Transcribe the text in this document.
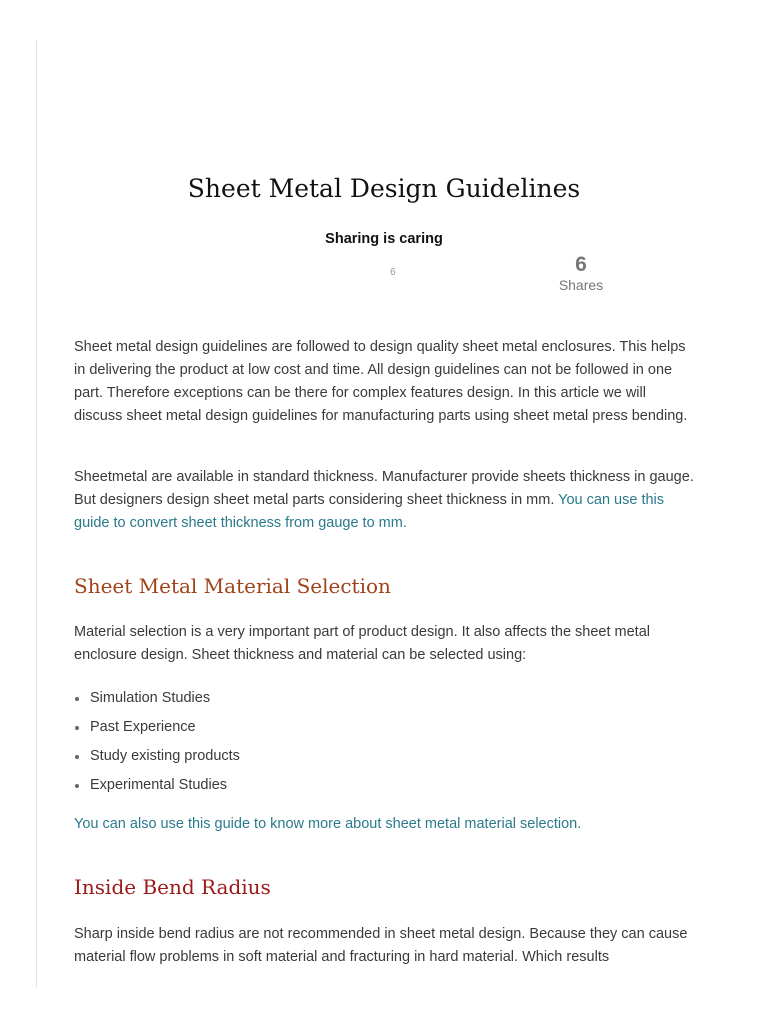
Sheet Metal Design Guidelines
Sharing is caring
6	6
Shares

Sheet metal design guidelines are followed to design quality sheet metal enclosures. This helps in delivering the product at low cost and time. All design guidelines can not be followed in one part. Therefore exceptions can be there for complex features design. In this article we will discuss sheet metal design guidelines for manufacturing parts using sheet metal press bending.

Sheetmetal are available in standard thickness. Manufacturer provide sheets thickness in gauge. But designers design sheet metal parts considering sheet thickness in mm. You can use this guide to convert sheet thickness from gauge to mm.

Sheet Metal Material Selection

Material selection is a very important part of product design. It also affects the sheet metal enclosure design. Sheet thickness and material can be selected using:

Simulation Studies
Past Experience
Study existing products
Experimental Studies

You can also use this guide to know more about sheet metal material selection.

Inside Bend Radius

Sharp inside bend radius are not recommended in sheet metal design. Because they can cause material flow problems in soft material and fracturing in hard material. Which results
